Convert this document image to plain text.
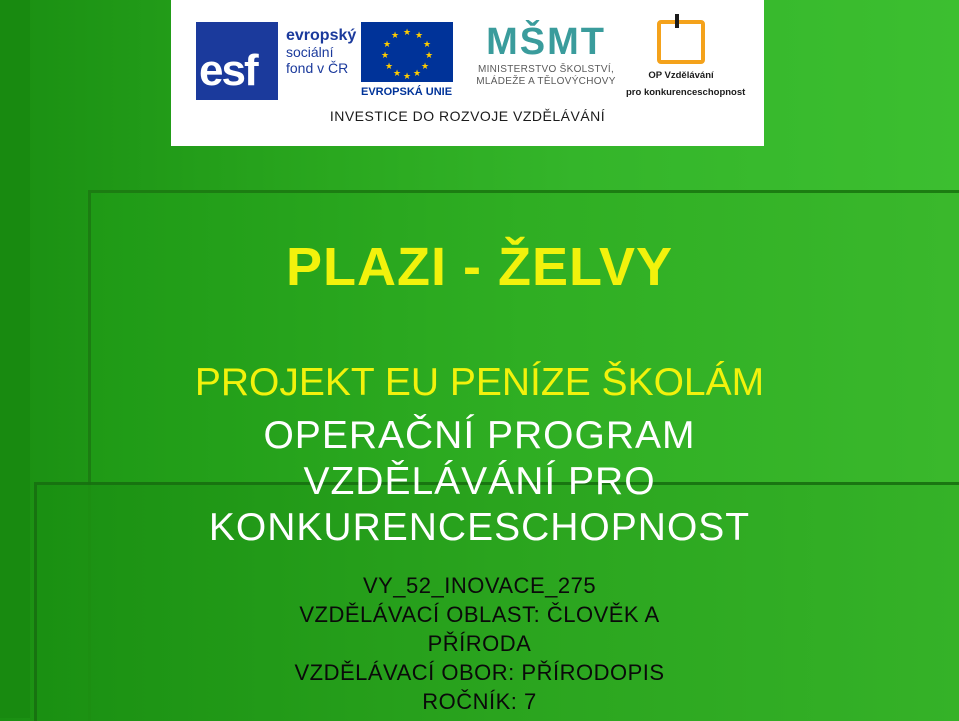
esf
evropský
sociální
fond v ČR
★ ★
★
★
★
★
★
★
★
★
★
★
EVROPSKÁ UNIE
MŠMT
MINISTERSTVO ŠKOLSTVÍ,
MLÁDEŽE A TĚLOVÝCHOVY
OP Vzdělávání
pro konkurenceschopnost
INVESTICE DO ROZVOJE VZDĚLÁVÁNÍ
PLAZI - ŽELVY
PROJEKT EU PENÍZE ŠKOLÁM
OPERAČNÍ PROGRAM
VZDĚLÁVÁNÍ PRO
KONKURENCESCHOPNOST
VY_52_INOVACE_275
VZDĚLÁVACÍ OBLAST: ČLOVĚK A
PŘÍRODA
VZDĚLÁVACÍ OBOR: PŘÍRODOPIS
ROČNÍK: 7
